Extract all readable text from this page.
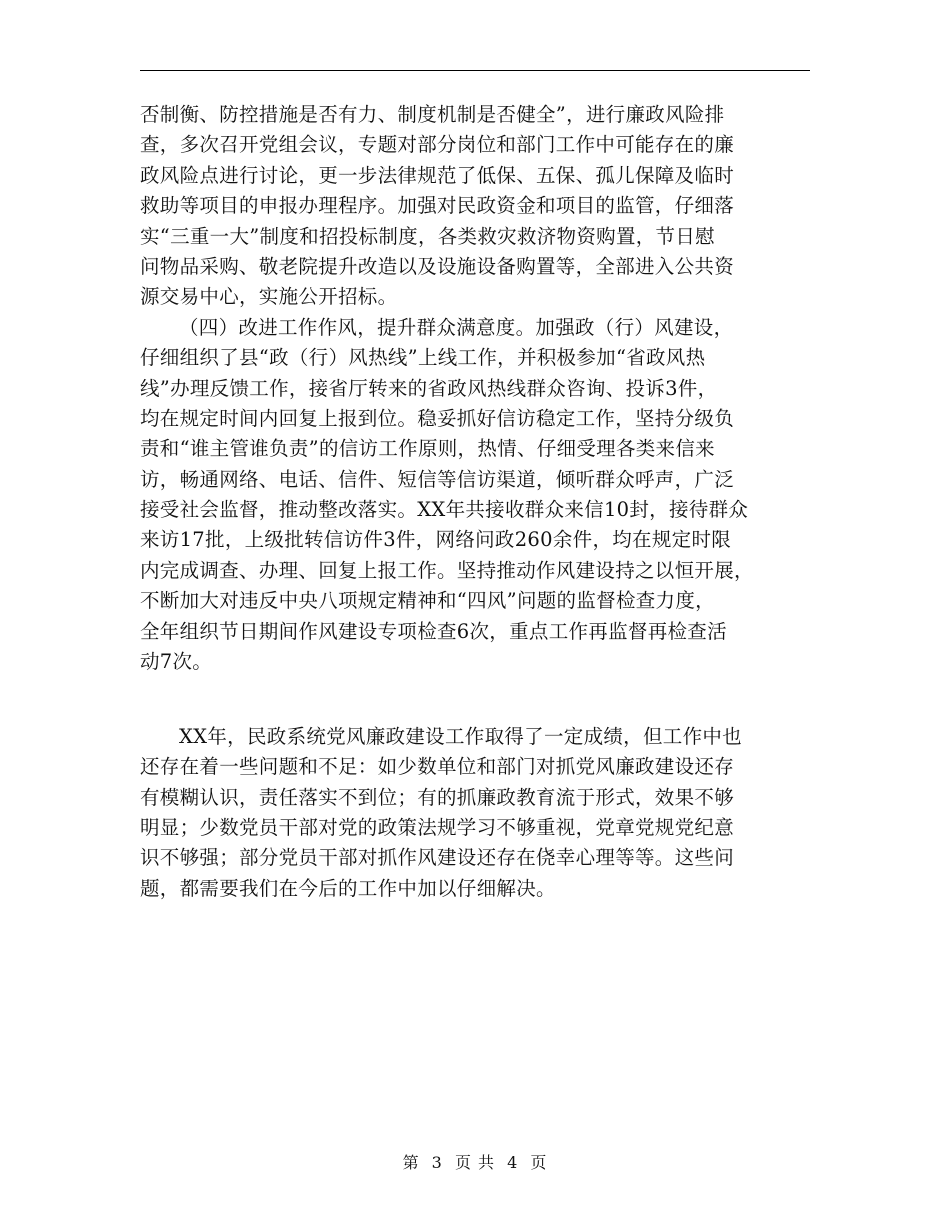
否制衡、防控措施是否有力、制度机制是否健全”，进行廉政风险排
查，多次召开党组会议，专题对部分岗位和部门工作中可能存在的廉
政风险点进行讨论，更一步法律规范了低保、五保、孤儿保障及临时
救助等项目的申报办理程序。加强对民政资金和项目的监管，仔细落
实“三重一大”制度和招投标制度，各类救灾救济物资购置，节日慰
问物品采购、敬老院提升改造以及设施设备购置等，全部进入公共资
源交易中心，实施公开招标。
（四）改进工作作风，提升群众满意度。加强政（行）风建设，
仔细组织了县“政（行）风热线”上线工作，并积极参加“省政风热
线”办理反馈工作，接省厅转来的省政风热线群众咨询、投诉3件，
均在规定时间内回复上报到位。稳妥抓好信访稳定工作，坚持分级负
责和“谁主管谁负责”的信访工作原则，热情、仔细受理各类来信来
访，畅通网络、电话、信件、短信等信访渠道，倾听群众呼声，广泛
接受社会监督，推动整改落实。XX年共接收群众来信10封，接待群众
来访17批，上级批转信访件3件，网络问政260余件，均在规定时限
内完成调查、办理、回复上报工作。坚持推动作风建设持之以恒开展，
不断加大对违反中央八项规定精神和“四风”问题的监督检查力度，
全年组织节日期间作风建设专项检查6次，重点工作再监督再检查活
动7次。
XX年，民政系统党风廉政建设工作取得了一定成绩，但工作中也
还存在着一些问题和不足：如少数单位和部门对抓党风廉政建设还存
有模糊认识，责任落实不到位；有的抓廉政教育流于形式，效果不够
明显；少数党员干部对党的政策法规学习不够重视，党章党规党纪意
识不够强；部分党员干部对抓作风建设还存在侥幸心理等等。这些问
题，都需要我们在今后的工作中加以仔细解决。
第 3 页 共 4 页
